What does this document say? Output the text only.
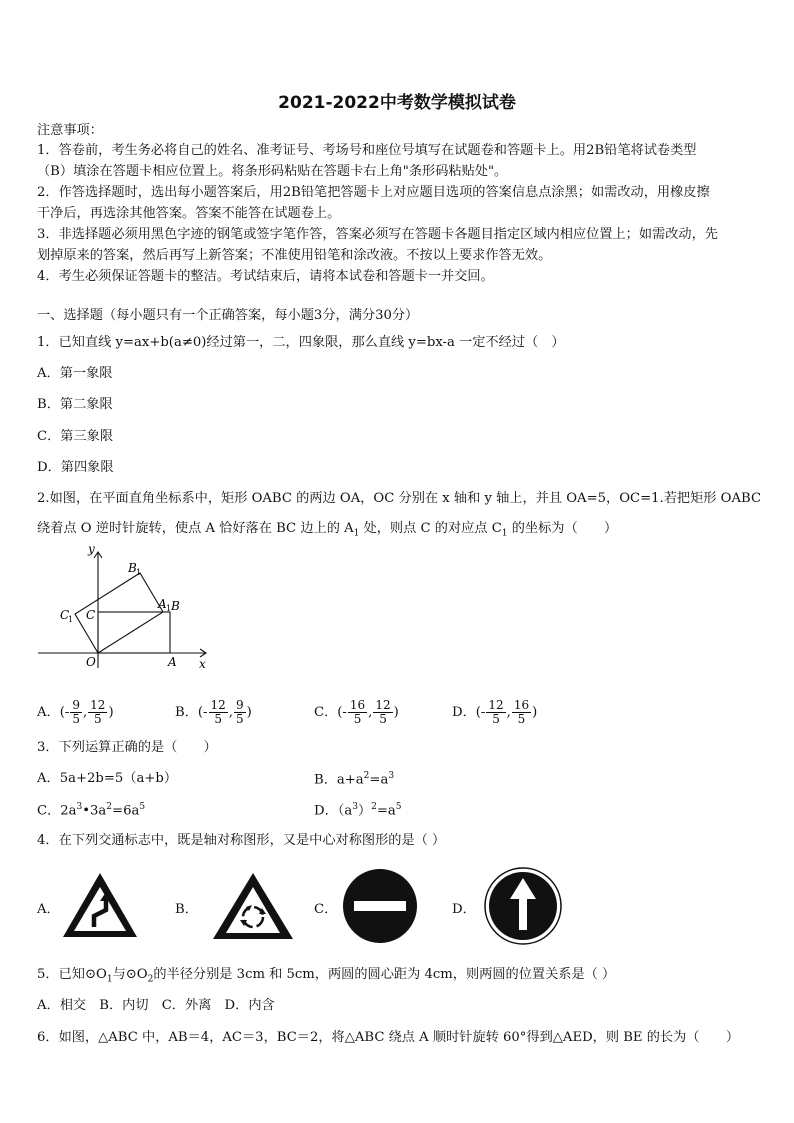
2021-2022中考数学模拟试卷
注意事项：
1．答卷前，考生务必将自己的姓名、准考证号、考场号和座位号填写在试题卷和答题卡上。用2B铅笔将试卷类型
（B）填涂在答题卡相应位置上。将条形码粘贴在答题卡右上角"条形码粘贴处"。
2．作答选择题时，选出每小题答案后，用2B铅笔把答题卡上对应题目选项的答案信息点涂黑；如需改动，用橡皮擦
干净后，再选涂其他答案。答案不能答在试题卷上。
3．非选择题必须用黑色字迹的钢笔或签字笔作答，答案必须写在答题卡各题目指定区域内相应位置上；如需改动，先
划掉原来的答案，然后再写上新答案；不准使用铅笔和涂改液。不按以上要求作答无效。
4．考生必须保证答题卡的整洁。考试结束后，请将本试卷和答题卡一并交回。
一、选择题（每小题只有一个正确答案，每小题3分，满分30分）
1．已知直线 y=ax+b(a≠0)经过第一，二，四象限，那么直线 y=bx-a 一定不经过（　）
A．第一象限
B．第二象限
C．第三象限
D．第四象限
2.如图，在平面直角坐标系中，矩形 OABC 的两边 OA，OC 分别在 x 轴和 y 轴上，并且 OA=5，OC=1.若把矩形 OABC
绕着点 O 逆时针旋转，使点 A 恰好落在 BC 边上的 $A_1$ 处，则点 C 的对应点 $C_1$ 的坐标为（　　）
y
x
O	A
B
C
A 1
B 1
C
1
A．(- $\frac{9}{5}$ , $\frac{12}{5}$ )	B．(- $\frac{12}{5}$ , $\frac{9}{5}$ )	C．(- $\frac{16}{5}$ , $\frac{12}{5}$ )	D．(- $\frac{12}{5}$ , $\frac{16}{5}$ )
3．下列运算正确的是（　　）
A．5a+2b=5（a+b）	B．$a+a^2=a^3$
C．$2a^3•3a^2=6a^5$	D．$(a^3)^2=a^5$
4．在下列交通标志中，既是轴对称图形，又是中心对称图形的是（ ）
A．	B．	C．	D．
5．已知$⊙O_1$与$⊙O_2$的半径分别是 3cm 和 5cm，两圆的圆心距为 4cm，则两圆的位置关系是（ ）
A．相交　B．内切　C．外离　D．内含
6．如图，△ABC 中，AB＝4，AC＝3，BC＝2，将△ABC 绕点 A 顺时针旋转 60°得到△AED，则 BE 的长为（　　）
